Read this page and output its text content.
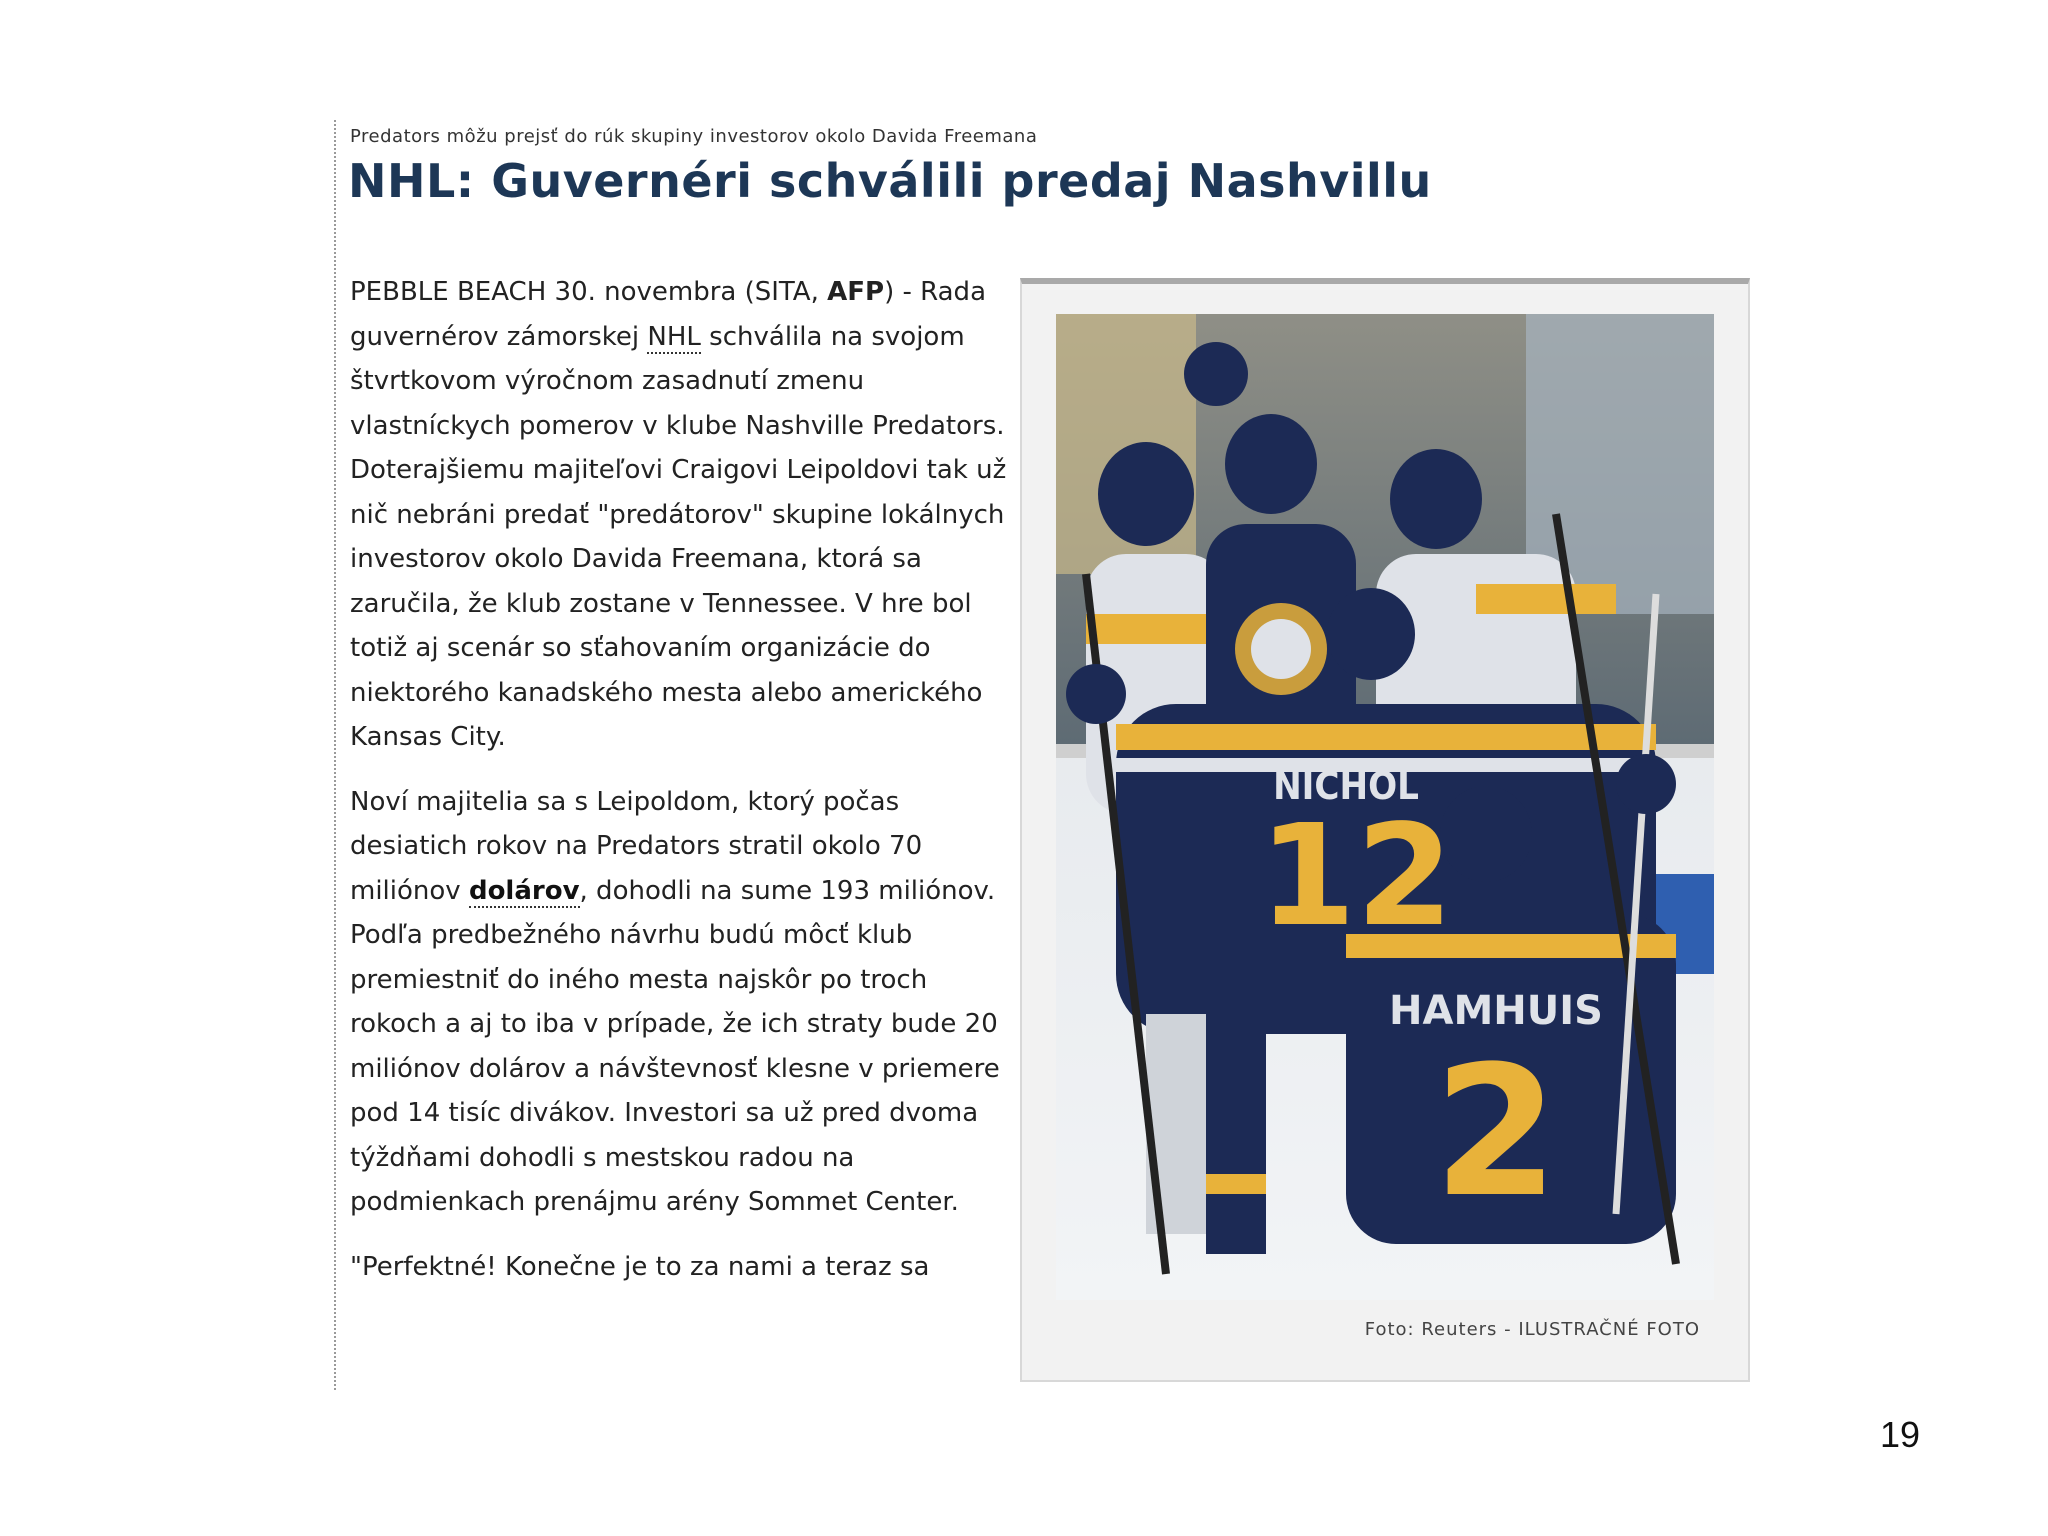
Predators môžu prejsť do rúk skupiny investorov okolo Davida Freemana
NHL: Guvernéri schválili predaj Nashvillu

PEBBLE BEACH 30. novembra (SITA, AFP) - Rada guvernérov zámorskej NHL schválila na svojom štvrtkovom výročnom zasadnutí zmenu vlastníckych pomerov v klube Nashville Predators. Doterajšiemu majiteľovi Craigovi Leipoldovi tak už nič nebráni predať "predátorov" skupine lokálnych investorov okolo Davida Freemana, ktorá sa zaručila, že klub zostane v Tennessee. V hre bol totiž aj scenár so sťahovaním organizácie do niektorého kanadského mesta alebo amerického Kansas City.

Noví majitelia sa s Leipoldom, ktorý počas desiatich rokov na Predators stratil okolo 70 miliónov dolárov, dohodli na sume 193 miliónov. Podľa predbežného návrhu budú môcť klub premiestniť do iného mesta najskôr po troch rokoch a aj to iba v prípade, že ich straty bude 20 miliónov dolárov a návštevnosť klesne v priemere pod 14 tisíc divákov. Investori sa už pred dvoma týždňami dohodli s mestskou radou na podmienkach prenájmu arény Sommet Center.

"Perfektné! Konečne je to za nami a teraz sa

NICHOL
12
HAMHUIS
2
Foto: Reuters - ILUSTRAČNÉ FOTO
19
